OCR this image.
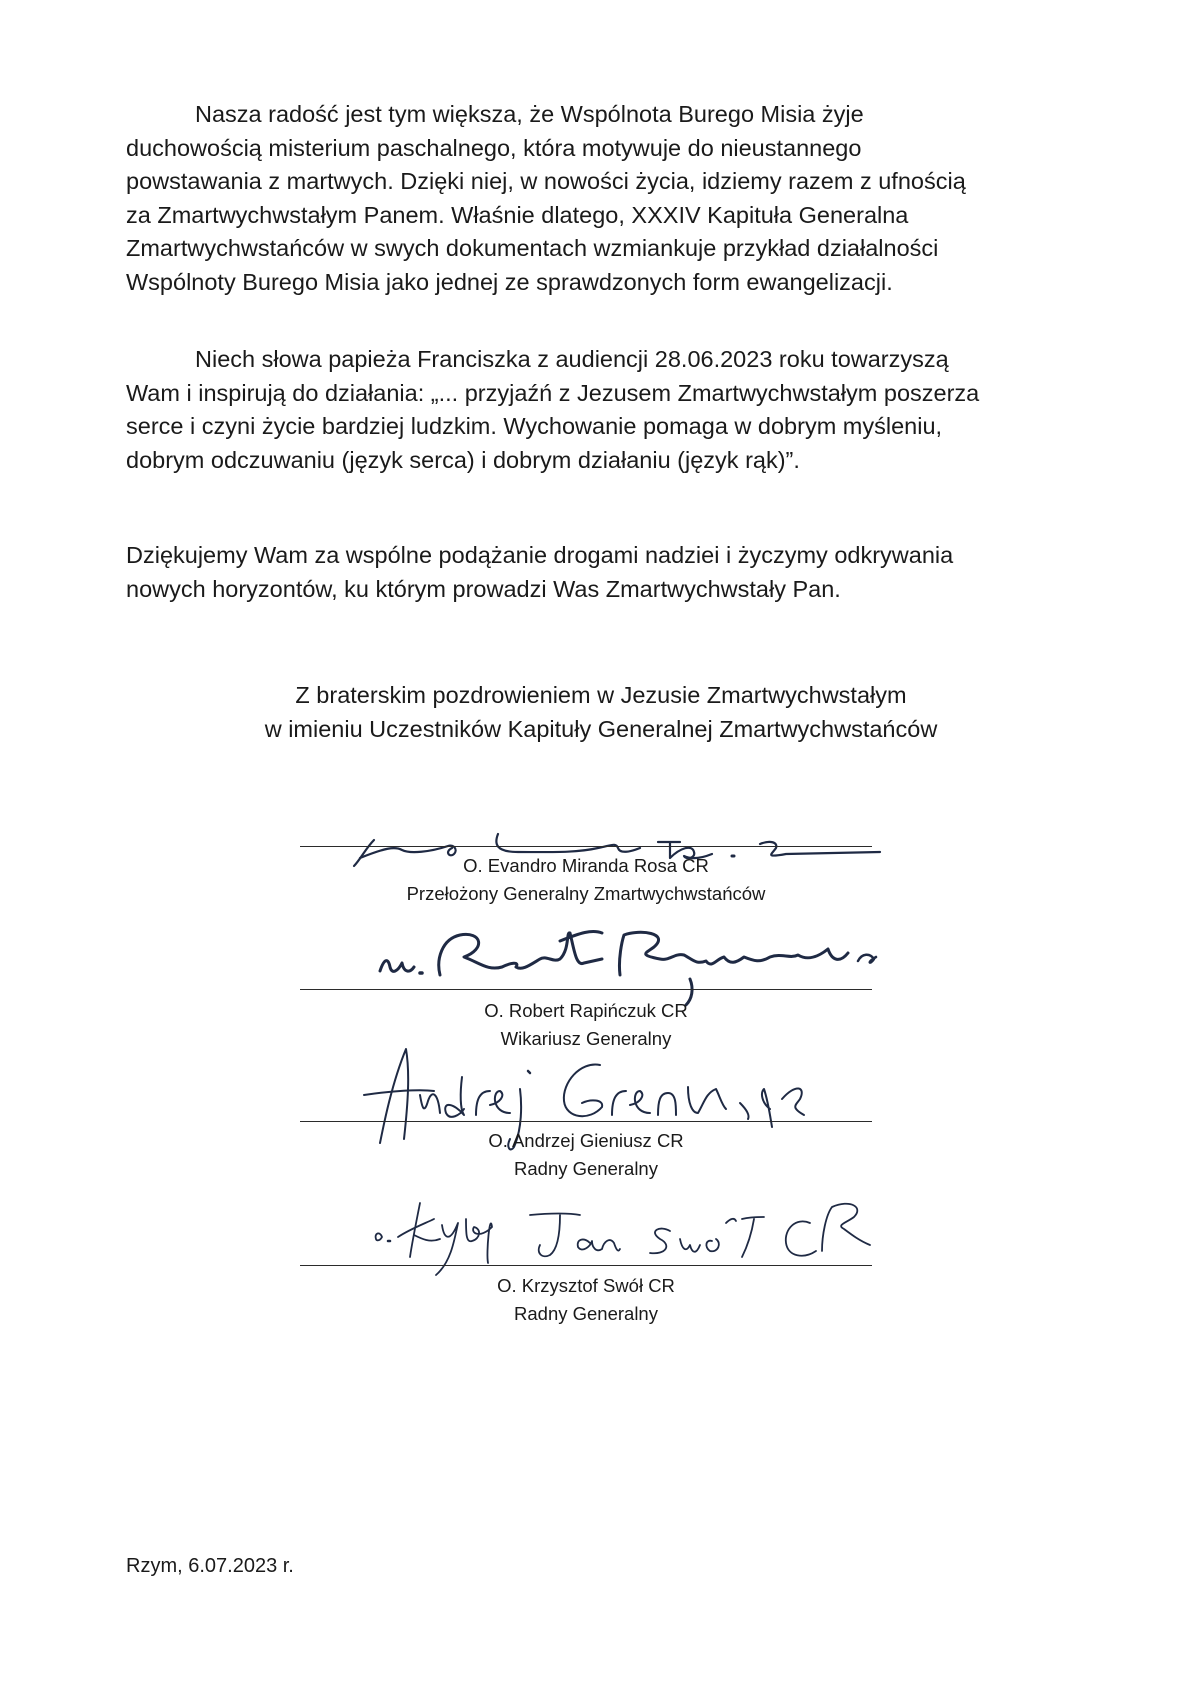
Nasza radość jest tym większa, że Wspólnota Burego Misia żyje
duchowością misterium paschalnego, która motywuje do nieustannego
powstawania z martwych. Dzięki niej, w nowości życia, idziemy razem z ufnością
za Zmartwychwstałym Panem. Właśnie dlatego, XXXIV Kapituła Generalna
Zmartwychwstańców w swych dokumentach wzmiankuje przykład działalności
Wspólnoty Burego Misia jako jednej ze sprawdzonych form ewangelizacji.

Niech słowa papieża Franciszka z audiencji 28.06.2023 roku towarzyszą
Wam i inspirują do działania: „... przyjaźń z Jezusem Zmartwychwstałym poszerza
serce i czyni życie bardziej ludzkim. Wychowanie pomaga w dobrym myśleniu,
dobrym odczuwaniu (język serca) i dobrym działaniu (język rąk)”.

Dziękujemy Wam za wspólne podążanie drogami nadziei i życzymy odkrywania
nowych horyzontów, ku którym prowadzi Was Zmartwychwstały Pan.

Z braterskim pozdrowieniem w Jezusie Zmartwychwstałym
w imieniu Uczestników Kapituły Generalnej Zmartwychwstańców
O. Evandro Miranda Rosa CR
Przełożony Generalny Zmartwychwstańców
O. Robert Rapińczuk CR
Wikariusz Generalny
O. Andrzej Gieniusz CR
Radny Generalny
O. Krzysztof Swół CR
Radny Generalny
Rzym, 6.07.2023 r.
